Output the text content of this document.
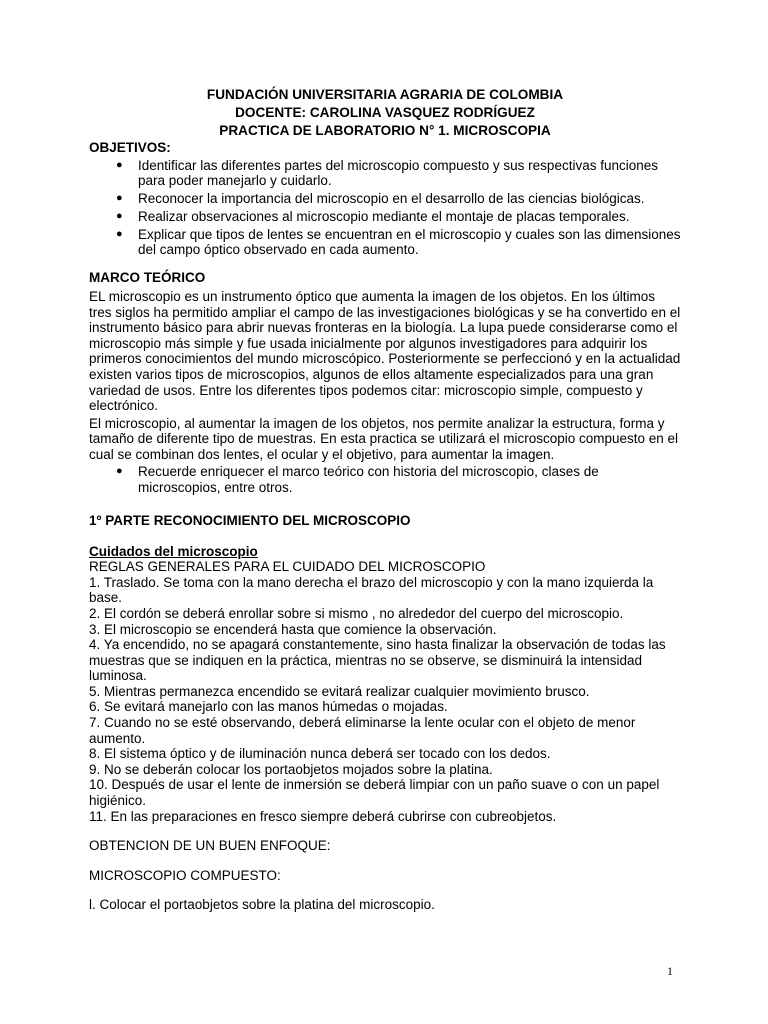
FUNDACIÓN UNIVERSITARIA AGRARIA DE COLOMBIA
DOCENTE: CAROLINA VASQUEZ RODRÍGUEZ
PRACTICA DE LABORATORIO N° 1. MICROSCOPIA
OBJETIVOS:
● Identificar las diferentes partes del microscopio compuesto y sus respectivas funciones para poder manejarlo y cuidarlo.
● Reconocer la importancia del microscopio en el desarrollo de las ciencias biológicas.
● Realizar observaciones al microscopio mediante el montaje de placas temporales.
● Explicar que tipos de lentes se encuentran en el microscopio y cuales son las dimensiones del campo óptico observado en cada aumento.
MARCO TEÓRICO

EL microscopio es un instrumento óptico que aumenta la imagen de los objetos. En los últimos tres siglos ha permitido ampliar el campo de las investigaciones biológicas y se ha convertido en el instrumento básico para abrir nuevas fronteras en la biología. La lupa puede considerarse como el microscopio más simple y fue usada inicialmente por algunos investigadores para adquirir los primeros conocimientos del mundo microscópico. Posteriormente se perfeccionó y en la actualidad existen varios tipos de microscopios, algunos de ellos altamente especializados para una gran variedad de usos. Entre los diferentes tipos podemos citar: microscopio simple, compuesto y electrónico.

El microscopio, al aumentar la imagen de los objetos, nos permite analizar la estructura, forma y tamaño de diferente tipo de muestras. En esta practica se utilizará el microscopio compuesto en el cual se combinan dos lentes, el ocular y el objetivo, para aumentar la imagen.

● Recuerde enriquecer el marco teórico con historia del microscopio, clases de microscopios, entre otros.
1º PARTE RECONOCIMIENTO DEL MICROSCOPIO
Cuidados del microscopio

REGLAS GENERALES PARA EL CUIDADO DEL MICROSCOPIO

1. Traslado. Se toma con la mano derecha el brazo del microscopio y con la mano izquierda la base.

2. El cordón se deberá enrollar sobre si mismo , no alrededor del cuerpo del microscopio.

3. El microscopio se encenderá hasta que comience la observación.

4. Ya encendido, no se apagará constantemente, sino hasta finalizar la observación de todas las muestras que se indiquen en la práctica, mientras no se observe, se disminuirá la intensidad luminosa.

5. Mientras permanezca encendido se evitará realizar cualquier movimiento brusco.

6. Se evitará manejarlo con las manos húmedas o mojadas.

7. Cuando no se esté observando, deberá eliminarse la lente ocular con el objeto de menor aumento.

8. El sistema óptico y de iluminación nunca deberá ser tocado con los dedos.

9. No se deberán colocar los portaobjetos mojados sobre la platina.

10. Después de usar el lente de inmersión se deberá limpiar con un paño suave o con un papel higiénico.

11. En las preparaciones en fresco siempre deberá cubrirse con cubreobjetos.

OBTENCION DE UN BUEN ENFOQUE:

MICROSCOPIO COMPUESTO:

l. Colocar el portaobjetos sobre la platina del microscopio.

1
